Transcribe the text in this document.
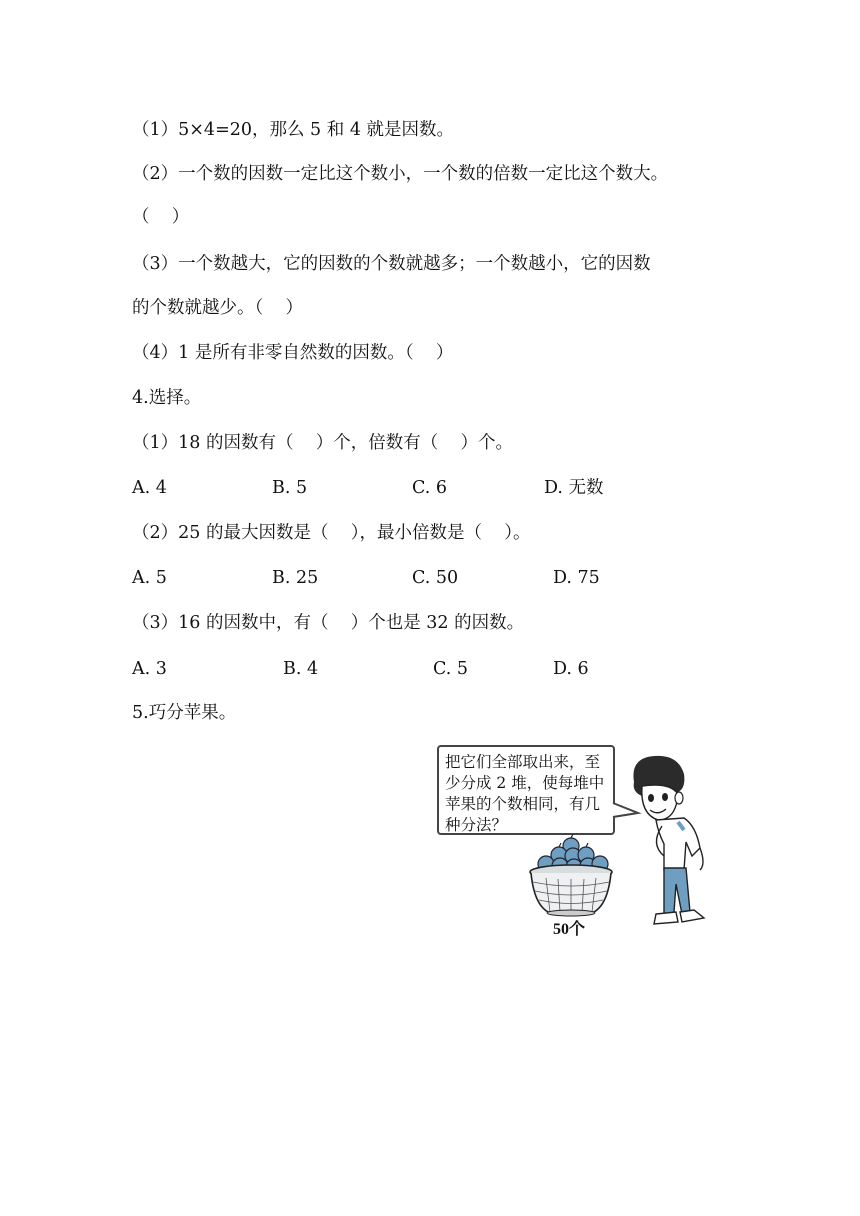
（1）5×4=20，那么 5 和 4 就是因数。
（2）一个数的因数一定比这个数小，一个数的倍数一定比这个数大。
（    ）
（3）一个数越大，它的因数的个数就越多；一个数越小，它的因数
的个数就越少。（    ）
（4）1 是所有非零自然数的因数。（    ）
4.选择。
（1）18 的因数有（    ）个，倍数有（    ）个。
A. 4	B. 5	C. 6	D. 无数
（2）25 的最大因数是（    ），最小倍数是（    ）。
A. 5	B. 25	C. 50	D. 75
（3）16 的因数中，有（    ）个也是 32 的因数。
A. 3	B. 4	C. 5	D. 6
5.巧分苹果。
把它们全部取出来，至
少分成 2 堆，使每堆中
苹果的个数相同，有几
种分法？
50个
